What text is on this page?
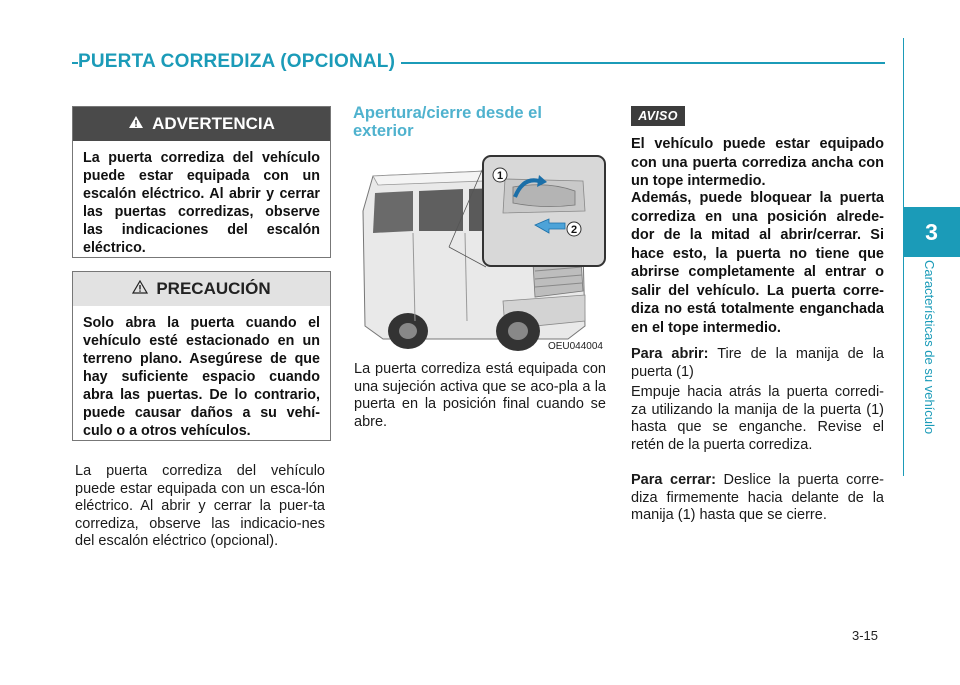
PUERTA CORREDIZA (OPCIONAL)
3
Características de su vehículo
ADVERTENCIA
La puerta corrediza del vehículo puede estar equipada con un escalón eléctrico. Al abrir y cerrar las puertas corredizas, observe las indicaciones del escalón eléctrico.
PRECAUCIÓN
Solo abra la puerta cuando el vehículo esté estacionado en un terreno plano. Asegúrese de que hay suficiente espacio cuando abra las puertas. De lo contrario, puede causar daños a su vehí-culo o a otros vehículos.
La puerta corrediza del vehículo puede estar equipada con un esca-lón eléctrico. Al abrir y cerrar la puer-ta corrediza, observe las indicacio-nes del escalón eléctrico (opcional).
Apertura/cierre desde el exterior
1
2
OEU044004
La puerta corrediza está equipada con una sujeción activa que se aco-pla a la puerta en la posición final cuando se abre.
AVISO
El vehículo puede estar equipado con una puerta corrediza ancha con un tope intermedio.
Además, puede bloquear la puerta corrediza en una posición alrede-dor de la mitad al abrir/cerrar. Si hace esto, la puerta no tiene que abrirse completamente al entrar o salir del vehículo. La puerta corre-diza no está totalmente enganchada en el tope intermedio.
Para abrir: Tire de la manija de la puerta (1)
Empuje hacia atrás la puerta corredi-za utilizando la manija de la puerta (1) hasta que se enganche. Revise el retén de la puerta corrediza.
Para cerrar: Deslice la puerta corre-diza firmemente hacia delante de la manija (1) hasta que se cierre.
3-15
